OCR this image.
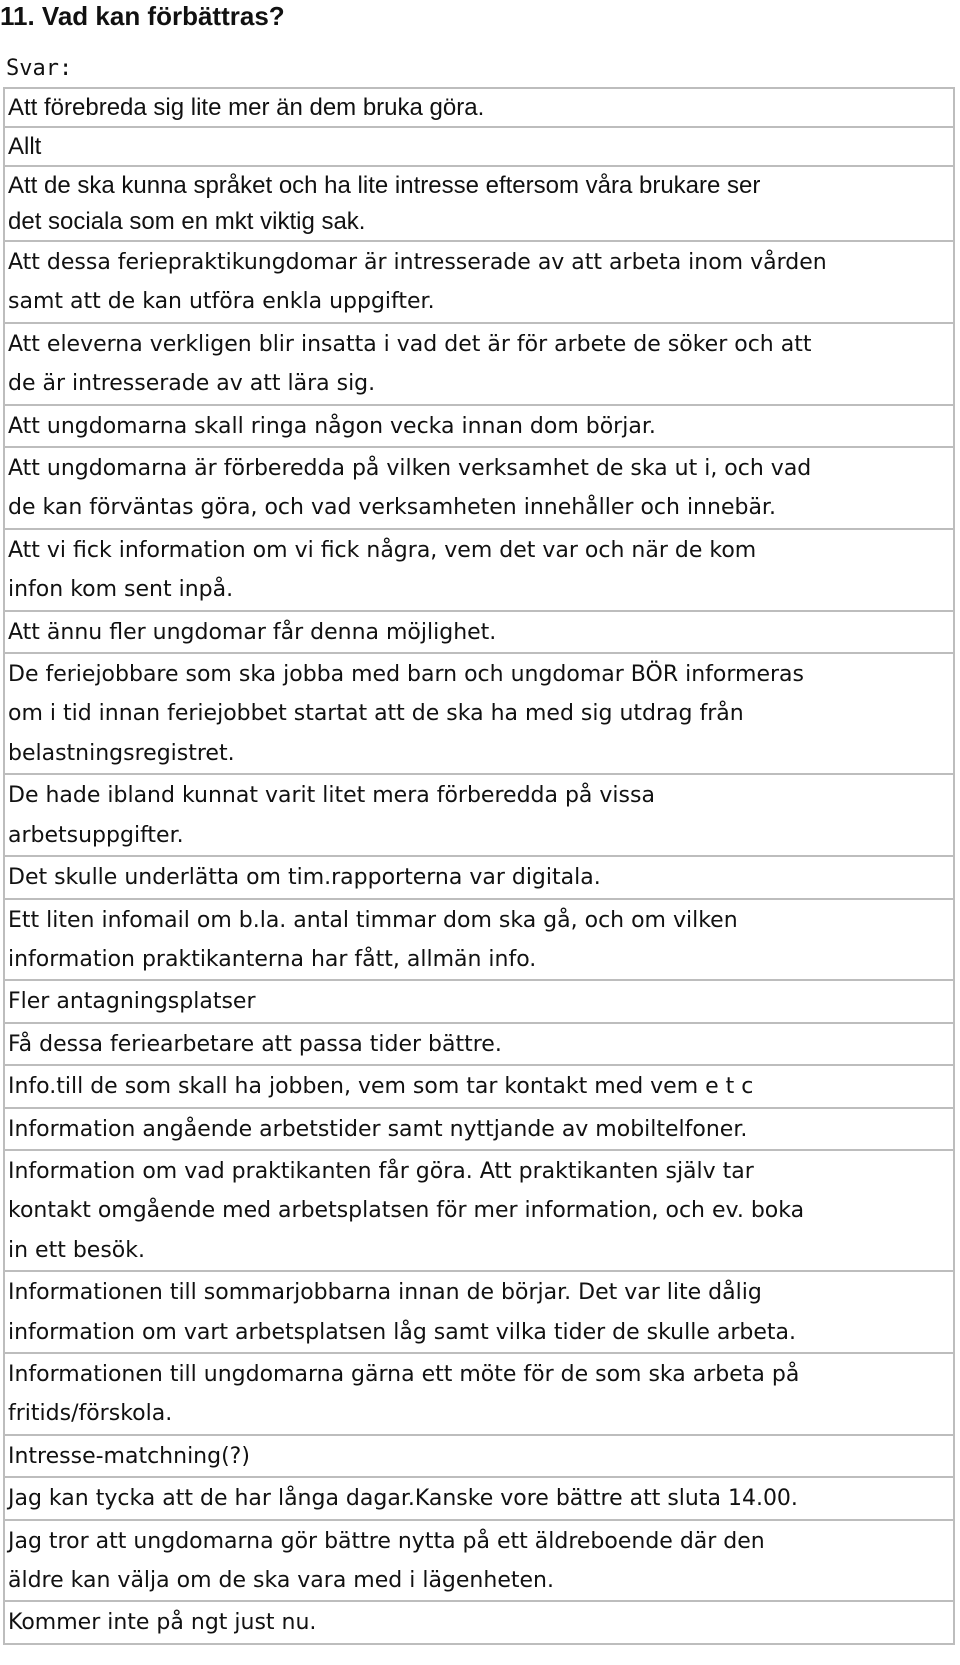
11. Vad kan förbättras?
Svar:
Att förebreda sig lite mer än dem bruka göra.
Allt
Att de ska kunna språket och ha lite intresse eftersom våra brukare ser
det sociala som en mkt viktig sak.
Att dessa feriepraktikungdomar är intresserade av att arbeta inom vården
samt att de kan utföra enkla uppgifter.
Att eleverna verkligen blir insatta i vad det är för arbete de söker och att
de är intresserade av att lära sig.
Att ungdomarna skall ringa någon vecka innan dom börjar.
Att ungdomarna är förberedda på vilken verksamhet de ska ut i, och vad
de kan förväntas göra, och vad verksamheten innehåller och innebär.
Att vi fick information om vi fick några, vem det var och när de kom
infon kom sent inpå.
Att ännu fler ungdomar får denna möjlighet.
De feriejobbare som ska jobba med barn och ungdomar BÖR informeras
om i tid innan feriejobbet startat att de ska ha med sig utdrag från
belastningsregistret.
De hade ibland kunnat varit litet mera förberedda på vissa
arbetsuppgifter.
Det skulle underlätta om tim.rapporterna var digitala.
Ett liten infomail om b.la. antal timmar dom ska gå, och om vilken
information praktikanterna har fått, allmän info.
Fler antagningsplatser
Få dessa feriearbetare att passa tider bättre.
Info.till de som skall ha jobben, vem som tar kontakt med vem e t c
Information angående arbetstider samt nyttjande av mobiltelfoner.
Information om vad praktikanten får göra. Att praktikanten själv tar
kontakt omgående med arbetsplatsen för mer information, och ev. boka
in ett besök.
Informationen till sommarjobbarna innan de börjar. Det var lite dålig
information om vart arbetsplatsen låg samt vilka tider de skulle arbeta.
Informationen till ungdomarna gärna ett möte för de som ska arbeta på
fritids/förskola.
Intresse-matchning(?)
Jag kan tycka att de har långa dagar.Kanske vore bättre att sluta 14.00.
Jag tror att ungdomarna gör bättre nytta på ett äldreboende där den
äldre kan välja om de ska vara med i lägenheten.
Kommer inte på ngt just nu.
